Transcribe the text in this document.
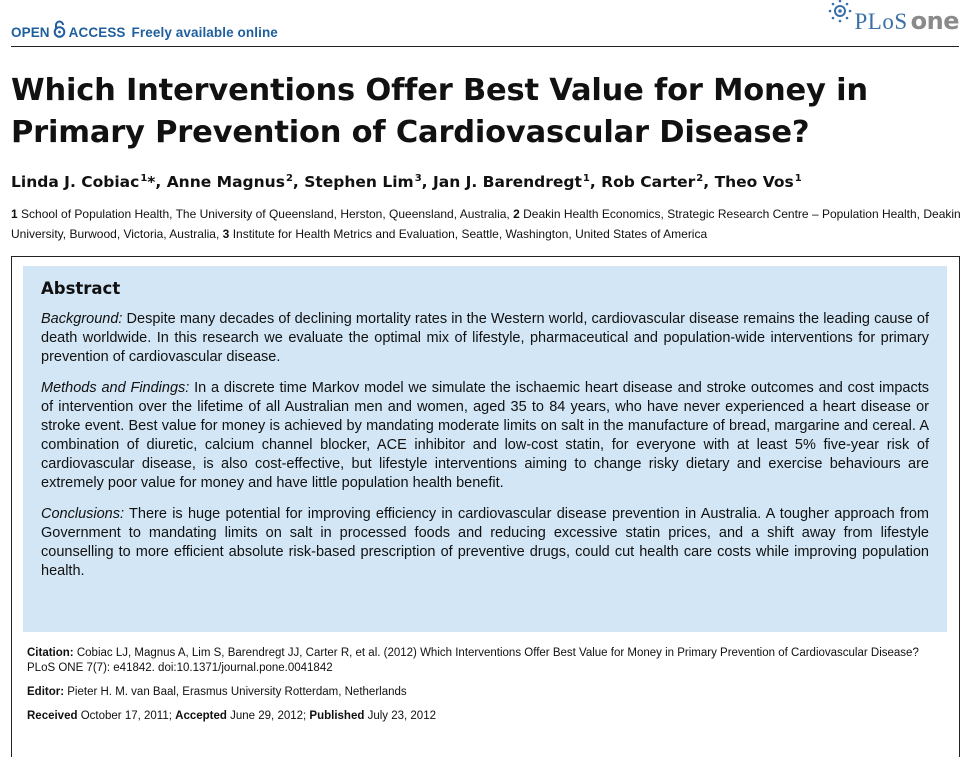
OPEN ACCESS Freely available online	PLoS one
Which Interventions Offer Best Value for Money in
Primary Prevention of Cardiovascular Disease?
Linda J. Cobiac$^1$*, Anne Magnus$^2$, Stephen Lim$^3$, Jan J. Barendregt$^1$, Rob Carter$^2$, Theo Vos$^1$
1 School of Population Health, The University of Queensland, Herston, Queensland, Australia, 2 Deakin Health Economics, Strategic Research Centre – Population Health, Deakin University, Burwood, Victoria, Australia, 3 Institute for Health Metrics and Evaluation, Seattle, Washington, United States of America
Abstract

Background: Despite many decades of declining mortality rates in the Western world, cardiovascular disease remains the leading cause of death worldwide. In this research we evaluate the optimal mix of lifestyle, pharmaceutical and population-wide interventions for primary prevention of cardiovascular disease.

Methods and Findings: In a discrete time Markov model we simulate the ischaemic heart disease and stroke outcomes and cost impacts of intervention over the lifetime of all Australian men and women, aged 35 to 84 years, who have never experienced a heart disease or stroke event. Best value for money is achieved by mandating moderate limits on salt in the manufacture of bread, margarine and cereal. A combination of diuretic, calcium channel blocker, ACE inhibitor and low-cost statin, for everyone with at least 5% five-year risk of cardiovascular disease, is also cost-effective, but lifestyle interventions aiming to change risky dietary and exercise behaviours are extremely poor value for money and have little population health benefit.

Conclusions: There is huge potential for improving efficiency in cardiovascular disease prevention in Australia. A tougher approach from Government to mandating limits on salt in processed foods and reducing excessive statin prices, and a shift away from lifestyle counselling to more efficient absolute risk-based prescription of preventive drugs, could cut health care costs while improving population health.

Citation: Cobiac LJ, Magnus A, Lim S, Barendregt JJ, Carter R, et al. (2012) Which Interventions Offer Best Value for Money in Primary Prevention of Cardiovascular Disease? PLoS ONE 7(7): e41842. doi:10.1371/journal.pone.0041842
Editor: Pieter H. M. van Baal, Erasmus University Rotterdam, Netherlands
Received October 17, 2011; Accepted June 29, 2012; Published July 23, 2012
